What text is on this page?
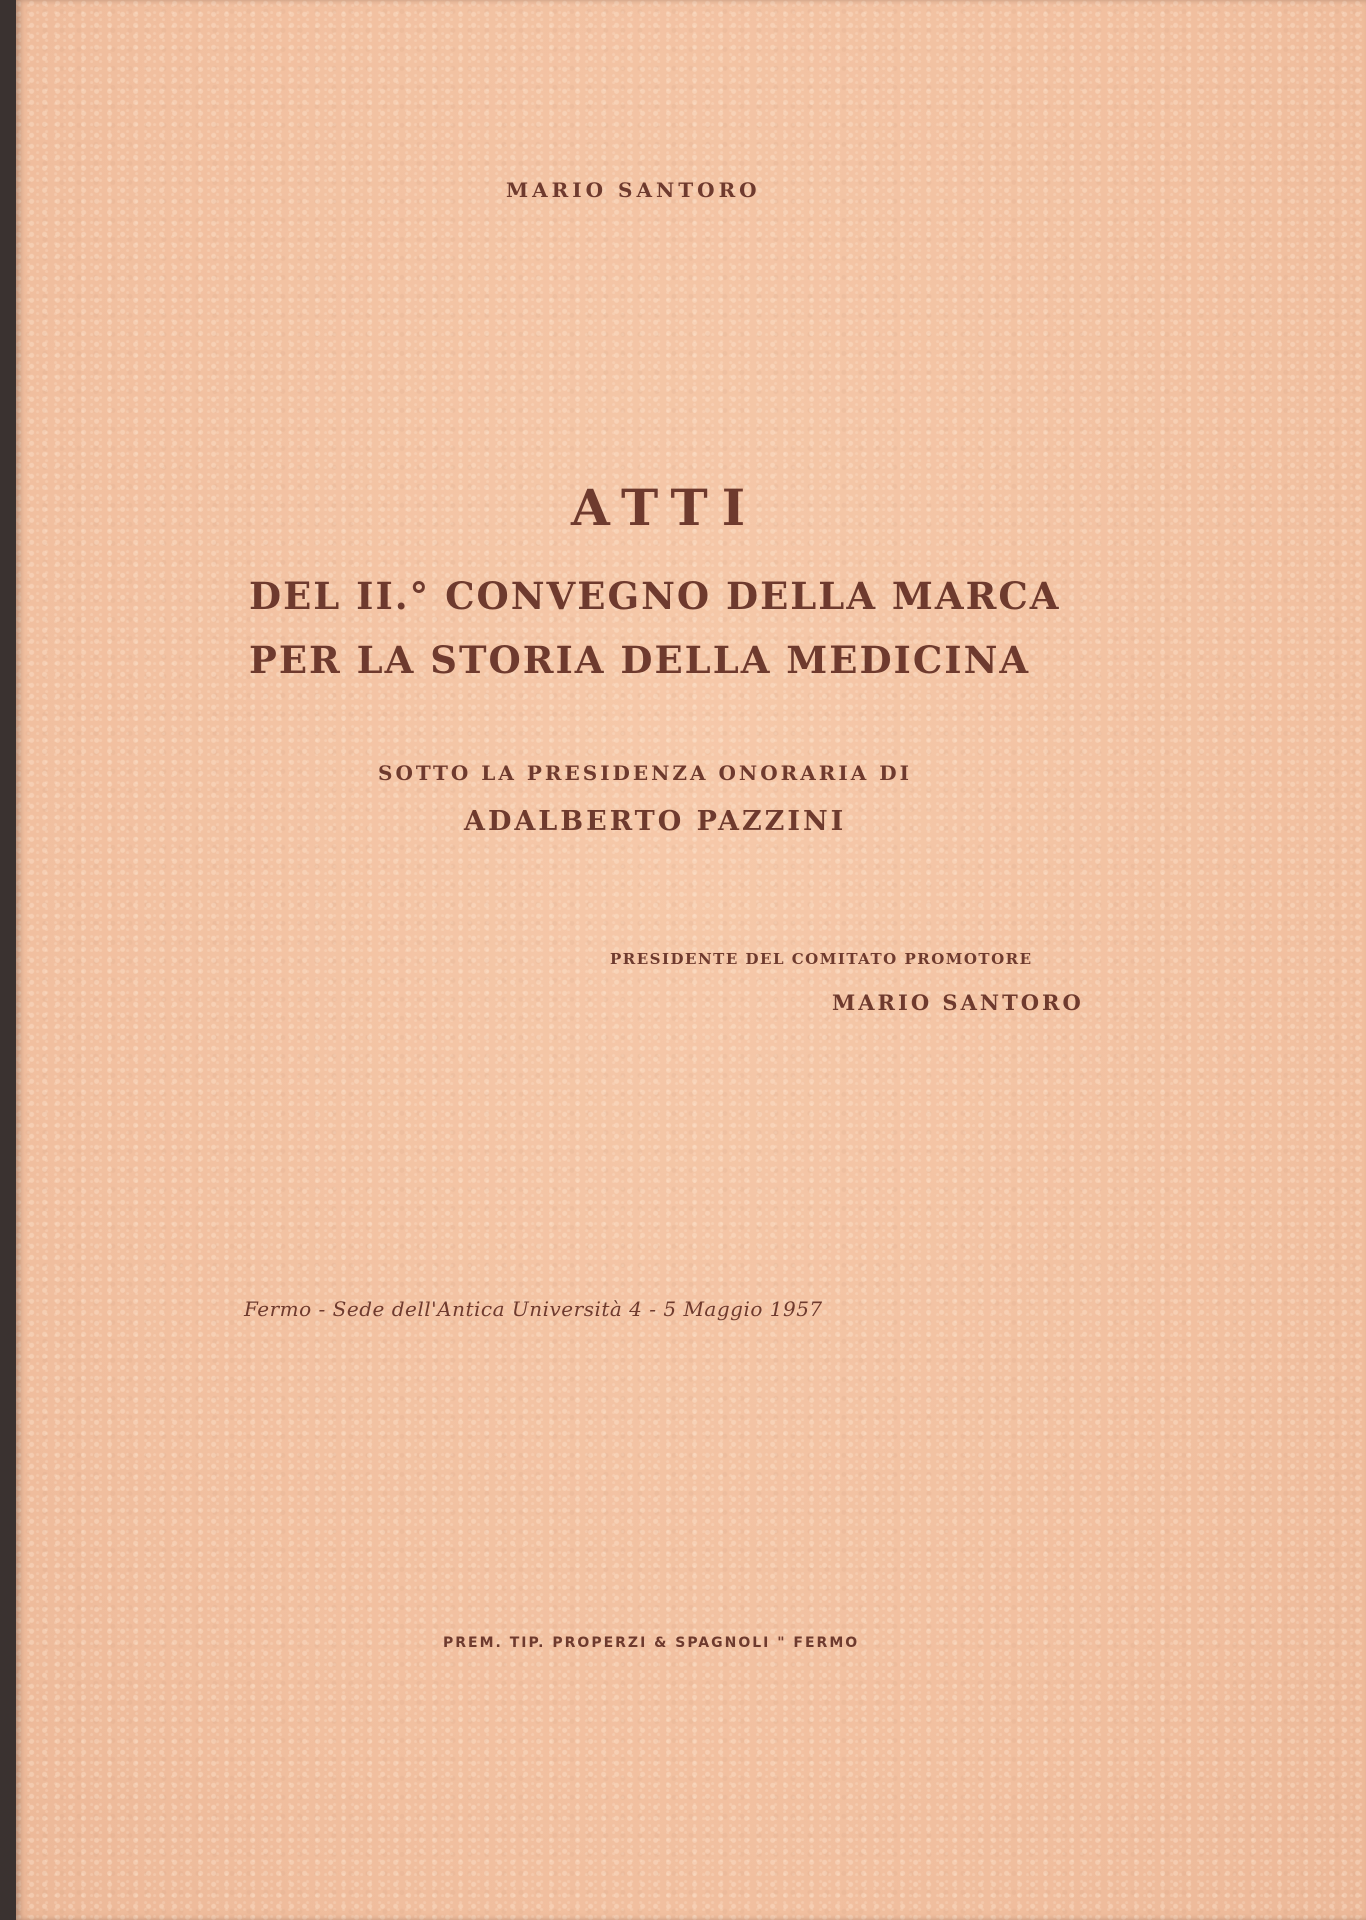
MARIO SANTORO

ATTI

DEL II.° CONVEGNO DELLA MARCA

PER LA STORIA DELLA MEDICINA

SOTTO LA PRESIDENZA ONORARIA DI

ADALBERTO PAZZINI

PRESIDENTE DEL COMITATO PROMOTORE

MARIO SANTORO

Fermo - Sede dell'Antica Università 4 - 5 Maggio 1957

PREM. TIP. PROPERZI & SPAGNOLI " FERMO
